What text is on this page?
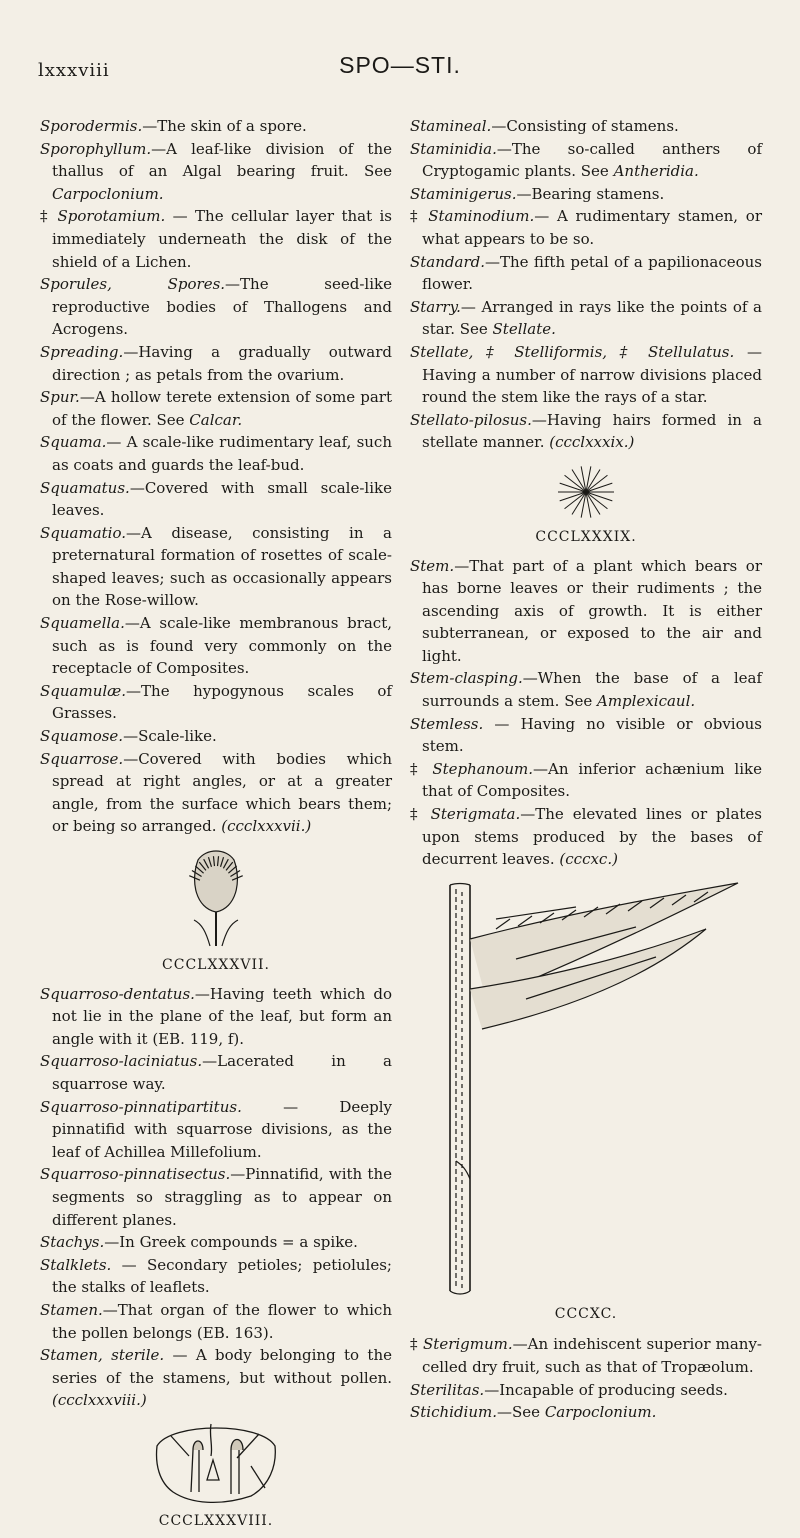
lxxxviii	SPO—STI.

Sporodermis.—The skin of a spore.

Sporophyllum.—A leaf-like division of the thallus of an Algal bearing fruit. See Carpoclonium.

‡ Sporotamium. — The cellular layer that is immediately underneath the disk of the shield of a Lichen.

Sporules, Spores.—The seed-like reproductive bodies of Thallogens and Acrogens.

Spreading.—Having a gradually outward direction ; as petals from the ovarium.

Spur.—A hollow terete extension of some part of the flower. See Calcar.

Squama.— A scale-like rudimentary leaf, such as coats and guards the leaf-bud.

Squamatus.—Covered with small scale-like leaves.

Squamatio.—A disease, consisting in a preternatural formation of rosettes of scale-shaped leaves; such as occasionally appears on the Rose-willow.

Squamella.—A scale-like membranous bract, such as is found very commonly on the receptacle of Composites.

Squamulæ.—The hypogynous scales of Grasses.

Squamose.—Scale-like.

Squarrose.—Covered with bodies which spread at right angles, or at a greater angle, from the surface which bears them; or being so arranged. (ccclxxxvii.)

CCCLXXXVII.

Squarroso-dentatus.—Having teeth which do not lie in the plane of the leaf, but form an angle with it (EB. 119, f).

Squarroso-laciniatus.—Lacerated in a squarrose way.

Squarroso-pinnatipartitus. — Deeply pinnatifid with squarrose divisions, as the leaf of Achillea Millefolium.

Squarroso-pinnatisectus.—Pinnatifid, with the segments so straggling as to appear on different planes.

Stachys.—In Greek compounds = a spike.

Stalklets. — Secondary petioles; petiolules; the stalks of leaflets.

Stamen.—That organ of the flower to which the pollen belongs (EB. 163).

Stamen, sterile. — A body belonging to the series of the stamens, but without pollen. (ccclxxxviii.)

CCCLXXXVIII.

Stamineal.—Consisting of stamens.

Staminidia.—The so-called anthers of Cryptogamic plants. See Antheridia.

Staminigerus.—Bearing stamens.

‡ Staminodium.— A rudimentary stamen, or what appears to be so.

Standard.—The fifth petal of a papilionaceous flower.

Starry.— Arranged in rays like the points of a star. See Stellate.

Stellate, ‡ Stelliformis, ‡ Stellulatus. — Having a number of narrow divisions placed round the stem like the rays of a star.

Stellato-pilosus.—Having hairs formed in a stellate manner. (ccclxxxix.)

CCCLXXXIX.

Stem.—That part of a plant which bears or has borne leaves or their rudiments ; the ascending axis of growth. It is either subterranean, or exposed to the air and light.

Stem-clasping.—When the base of a leaf surrounds a stem. See Amplexicaul.

Stemless. — Having no visible or obvious stem.

‡ Stephanoum.—An inferior achænium like that of Composites.

‡ Sterigmata.—The elevated lines or plates upon stems produced by the bases of decurrent leaves. (cccxc.)

CCCXC.

‡ Sterigmum.—An indehiscent superior many-celled dry fruit, such as that of Tropæolum.

Sterilitas.—Incapable of producing seeds.

Stichidium.—See Carpoclonium.
